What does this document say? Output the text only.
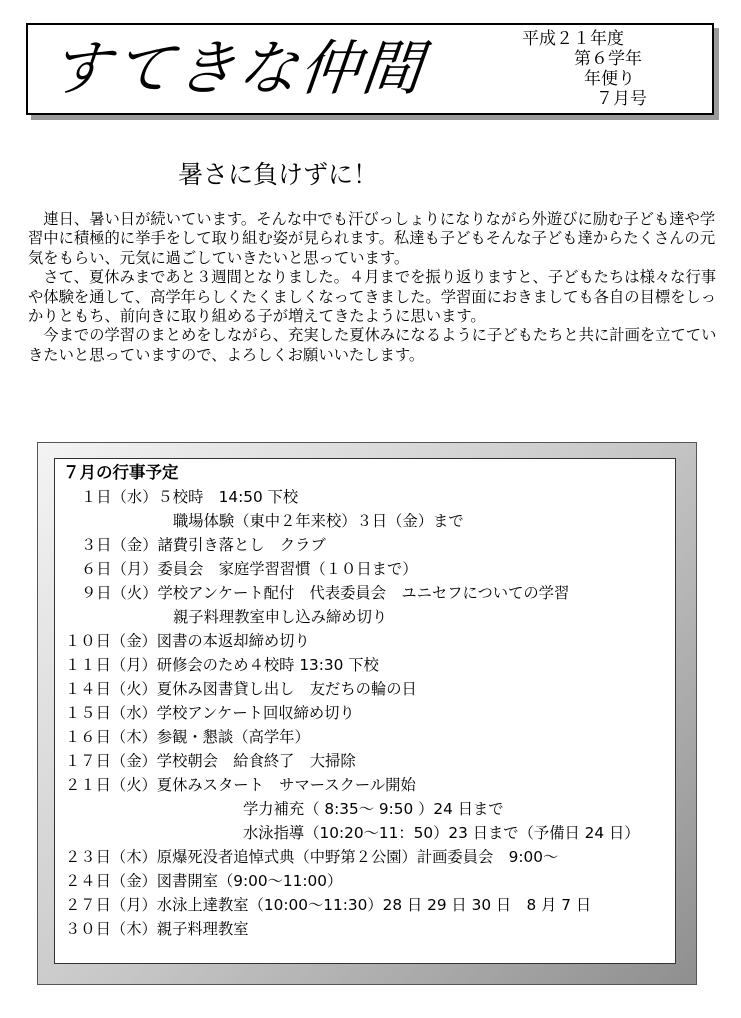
すてきな仲間	平成２１年度
第６学年
年便り
７月号
暑さに負けずに！

連日、暑い日が続いています。そんな中でも汗びっしょりになりながら外遊びに励む子ども達や学習中に積極的に挙手をして取り組む姿が見られます。私達も子どもそんな子ども達からたくさんの元気をもらい、元気に過ごしていきたいと思っています。

さて、夏休みまであと３週間となりました。４月までを振り返りますと、子どもたちは様々な行事や体験を通して、高学年らしくたくましくなってきました。学習面におきましても各自の目標をしっかりともち、前向きに取り組める子が増えてきたように思います。

今までの学習のまとめをしながら、充実した夏休みになるように子どもたちと共に計画を立てていきたいと思っていますので、よろしくお願いいたします。

７月の行事予定
１日（水）５校時　14:50 下校
職場体験（東中２年来校）３日（金）まで
３日（金）諸費引き落とし　クラブ
６日（月）委員会　家庭学習習慣（１０日まで）
９日（火）学校アンケート配付　代表委員会　ユニセフについての学習
親子料理教室申し込み締め切り
１０日（金）図書の本返却締め切り
１１日（月）研修会のため４校時 13:30 下校
１４日（火）夏休み図書貸し出し　友だちの輪の日
１５日（水）学校アンケート回収締め切り
１６日（木）参観・懇談（高学年）
１７日（金）学校朝会　給食終了　大掃除
２１日（火）夏休みスタート　サマースクール開始
学力補充（ 8:35～ 9:50 ）24 日まで
水泳指導（10:20～11：50）23 日まで（予備日 24 日）
２３日（木）原爆死没者追悼式典（中野第２公園）計画委員会　9:00～
２４日（金）図書開室（9:00～11:00）
２７日（月）水泳上達教室（10:00～11:30）28 日 29 日 30 日　8 月 7 日
３０日（木）親子料理教室
